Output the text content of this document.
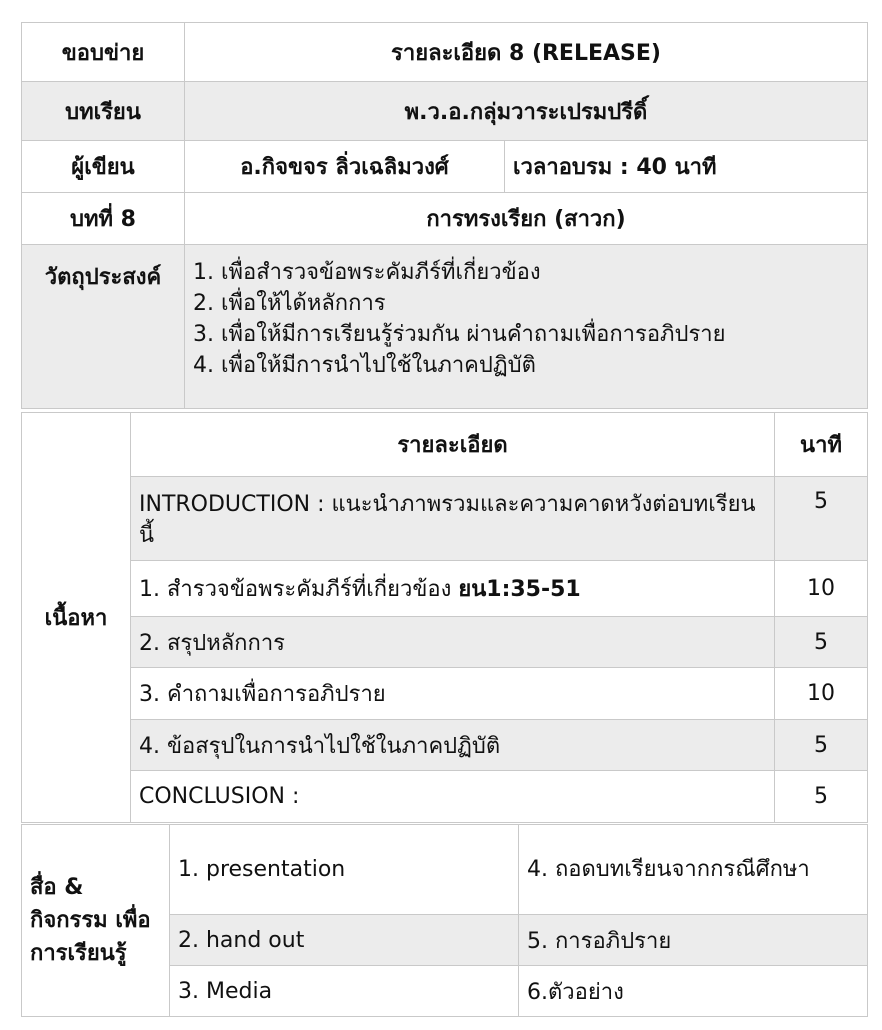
ขอบข่าย	รายละเอียด 8 (RELEASE)	
บทเรียน	พ.ว.อ.กลุ่มวาระเปรมปรีดิ์	
ผู้เขียน	อ.กิจขจร ลิ่วเฉลิมวงศ์	เวลาอบรม : 40 นาที
บทที่ 8	การทรงเรียก (สาวก)	
วัตถุประสงค์	1. เพื่อสำรวจข้อพระคัมภีร์ที่เกี่ยวข้อง
2. เพื่อให้ได้หลักการ
3. เพื่อให้มีการเรียนรู้ร่วมกัน ผ่านคำถามเพื่อการอภิปราย
4. เพื่อให้มีการนำไปใช้ในภาคปฏิบัติ	
เนื้อหา	รายละเอียด	นาที
	INTRODUCTION : แนะนำภาพรวมและความคาดหวังต่อบทเรียนนี้	5
	1. สำรวจข้อพระคัมภีร์ที่เกี่ยวข้อง ยน1:35-51	10
	2. สรุปหลักการ	5
	3. คำถามเพื่อการอภิปราย	10
	4. ข้อสรุปในการนำไปใช้ในภาคปฏิบัติ	5
	CONCLUSION :	5
สื่อ & กิจกรรม เพื่อการเรียนรู้	1. presentation	4. ถอดบทเรียนจากกรณีศึกษา
	2. hand out	5. การอภิปราย
	3. Media	6.ตัวอย่าง
